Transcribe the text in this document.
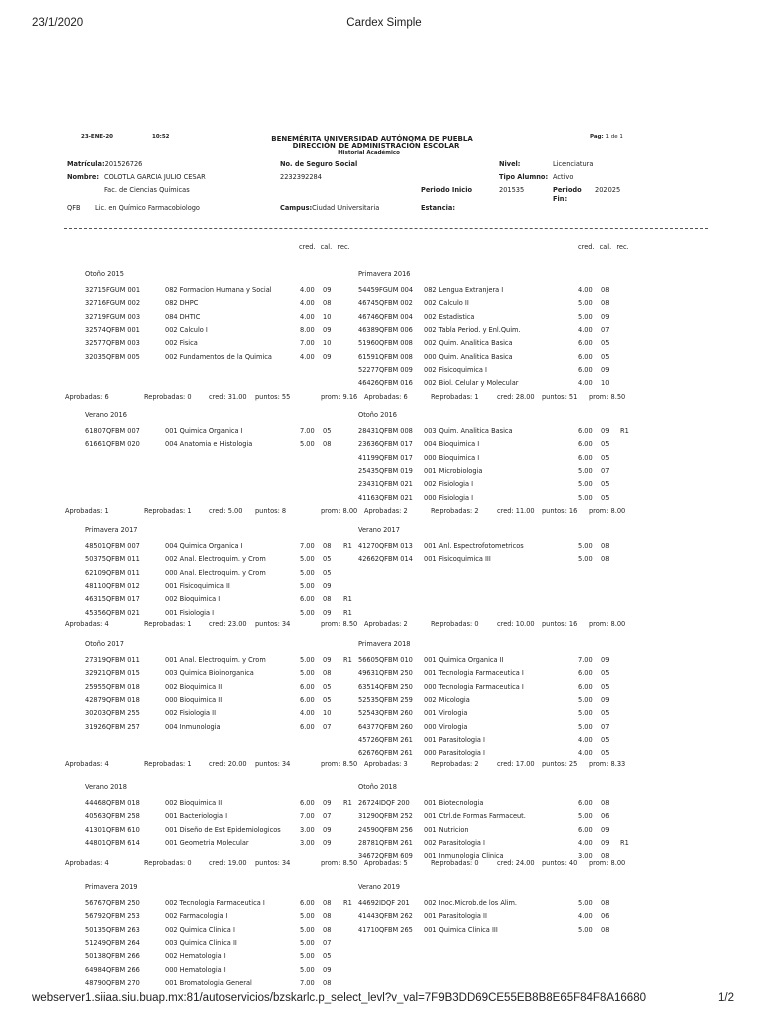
23/1/2020	Cardex Simple
webserver1.siiaa.siu.buap.mx:81/autoservicios/bzskarlc.p_select_levl?v_val=7F9B3DD69CE55EB8B8E65F84F8A16680	1/2
23-ENE-20	10:52	BENEMÉRITA UNIVERSIDAD AUTÓNOMA DE PUEBLA
DIRECCIÓN DE ADMINISTRACIÓN ESCOLAR
Historial Académico
Pag: 1 de 1
Matrícula:201526726	No. de Seguro Social	Nivel:	Licenciatura
Nombre: COLOTLA GARCIA JULIO CESAR	2232392284	Tipo Alumno: Activo
Fac. de Ciencias Químicas	Periodo Inicio	201535	Periodo
Fin:
202025
QFB Lic. en Químico Farmacobiologo	Campus:Ciudad Universitaria	Estancia:
cred. cal. rec.	cred. cal. rec.
Otoño 2015
32715FGUM 001	082 Formacion Humana y Social	4.00 09
32716FGUM 002	082 DHPC	4.00 08
32719FGUM 003	084 DHTIC	4.00 10
32574QFBM 001	002 Calculo I	8.00 09
32577QFBM 003	002 Fisica	7.00 10
32035QFBM 005	002 Fundamentos de la Quimica	4.00 09
Aprobadas: 6	Reprobadas: 0	cred: 31.00 puntos: 55	prom: 9.16
Primavera 2016
54459FGUM 004 082 Lengua Extranjera I	4.00 08
46745QFBM 002 002 Calculo II	5.00 08
46746QFBM 004 002 Estadistica	5.00 09
46389QFBM 006 002 Tabla Period. y Enl.Quim.	4.00 07
51960QFBM 008 002 Quim. Analitica Basica	6.00 05
61591QFBM 008 000 Quim. Analitica Basica	6.00 05
52277QFBM 009 002 Fisicoquimica I	6.00 09
46426QFBM 016 002 Biol. Celular y Molecular	4.00 10
Aprobadas: 6	Reprobadas: 1	cred: 28.00 puntos: 51 prom: 8.50
Verano 2016
61807QFBM 007	001 Quimica Organica I	7.00 05
61661QFBM 020	004 Anatomia e Histologia	5.00 08
Aprobadas: 1	Reprobadas: 1	cred: 5.00 puntos: 8	prom: 8.00
Otoño 2016
28431QFBM 008 003 Quim. Analitica Basica	6.00 09 R1
23636QFBM 017 004 Bioquimica I	6.00 05
41199QFBM 017 000 Bioquimica I	6.00 05
25435QFBM 019 001 Microbiologia	5.00 07
23431QFBM 021 002 Fisiologia I	5.00 05
41163QFBM 021 000 Fisiologia I	5.00 05
Aprobadas: 2	Reprobadas: 2	cred: 11.00 puntos: 16 prom: 8.00
Primavera 2017
48501QFBM 007	004 Quimica Organica I	7.00 08 R1
50375QFBM 011	002 Anal. Electroquim. y Crom	5.00 05
62109QFBM 011	000 Anal. Electroquim. y Crom	5.00 05
48110QFBM 012	001 Fisicoquimica II	5.00 09
46315QFBM 017	002 Bioquimica I	6.00 08 R1
45356QFBM 021	001 Fisiologia I	5.00 09 R1
Aprobadas: 4	Reprobadas: 1	cred: 23.00 puntos: 34	prom: 8.50
Verano 2017
41270QFBM 013 001 Anl. Espectrofotometricos	5.00 08
42662QFBM 014 001 Fisicoquimica III	5.00 08
Aprobadas: 2	Reprobadas: 0	cred: 10.00 puntos: 16 prom: 8.00
Otoño 2017
27319QFBM 011	001 Anal. Electroquim. y Crom	5.00 09 R1
32921QFBM 015	003 Quimica Bioinorganica	5.00 08
25955QFBM 018	002 Bioquimica II	6.00 05
42879QFBM 018	000 Bioquimica II	6.00 05
30203QFBM 255	002 Fisiologia II	4.00 10
31926QFBM 257	004 Inmunologia	6.00 07
Aprobadas: 4	Reprobadas: 1	cred: 20.00 puntos: 34	prom: 8.50
Primavera 2018
56605QFBM 010 001 Quimica Organica II	7.00 09
49631QFBM 250 001 Tecnologia Farmaceutica I	6.00 05
63514QFBM 250 000 Tecnologia Farmaceutica I	6.00 05
52535QFBM 259 002 Micologia	5.00 09
52543QFBM 260 001 Virologia	5.00 05
64377QFBM 260 000 Virologia	5.00 07
45726QFBM 261 001 Parasitologia I	4.00 05
62676QFBM 261 000 Parasitologia I	4.00 05
Aprobadas: 3	Reprobadas: 2	cred: 17.00 puntos: 25 prom: 8.33
Verano 2018
44468QFBM 018	002 Bioquimica II	6.00 09 R1
40563QFBM 258	001 Bacteriologia I	7.00 07
41301QFBM 610	001 Diseño de Est Epidemiologicos	3.00 09
44801QFBM 614	001 Geometria Molecular	3.00 09
Aprobadas: 4	Reprobadas: 0	cred: 19.00 puntos: 34	prom: 8.50
Otoño 2018
26724IDQF 200 001 Biotecnologia	6.00 08
31290QFBM 252 001 Ctrl.de Formas Farmaceut.	5.00 06
24590QFBM 256 001 Nutricion	6.00 09
28781QFBM 261 002 Parasitologia I	4.00 09 R1
34672QFBM 609 001 Inmunologia Clinica	3.00 08
Aprobadas: 5	Reprobadas: 0	cred: 24.00 puntos: 40 prom: 8.00
Primavera 2019
56767QFBM 250	002 Tecnologia Farmaceutica I	6.00 08 R1
56792QFBM 253	002 Farmacologia I	5.00 08
50135QFBM 263	002 Quimica Clinica I	5.00 08
51249QFBM 264	003 Quimica Clinica II	5.00 07
50138QFBM 266	002 Hematologia I	5.00 05
64984QFBM 266	000 Hematologia I	5.00 09
48790QFBM 270	001 Bromatologia General	7.00 08
Verano 2019
44692IDQF 201 002 Inoc.Microb.de los Alim.	5.00 08
41443QFBM 262 001 Parasitologia II	4.00 06
41710QFBM 265 001 Quimica Clinica III	5.00 08
